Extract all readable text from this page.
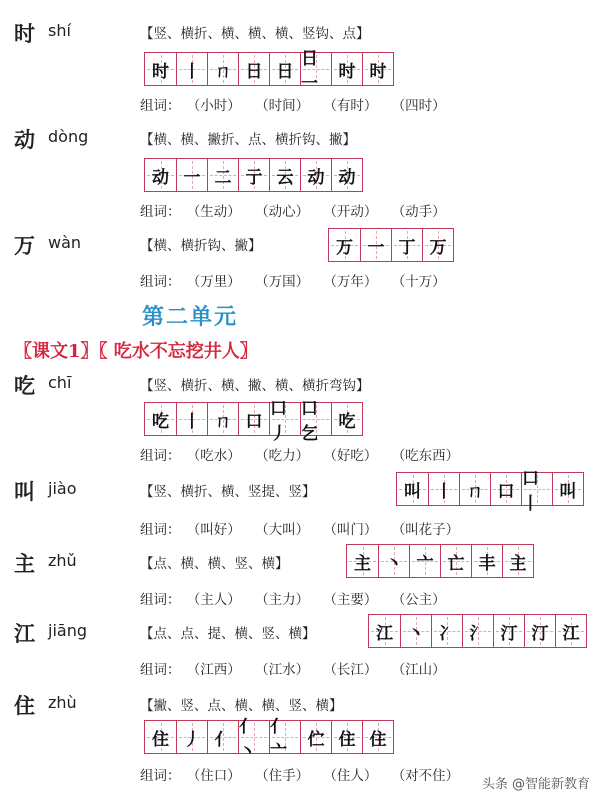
时 shí	【竖、横折、横、横、横、竖钩、点】
时 丨 ㄇ 日 日
日一
时 时
组词： （小时） （时间） （有时） （四时）
动 dòng	【横、横、撇折、点、横折钩、撇】
动 一 二 亍 云 动 动
组词： （生动） （动心） （开动） （动手）
万 wàn	【横、横折钩、撇】	万 一 丁 万
组词： （万里） （万国） （万年） （十万）
第二单元
〖课文1〗〖 吃水不忘挖井人〗
吃 chī	【竖、横折、横、撇、横、横折弯钩】
吃 丨 ㄇ 口
口丿
口乞
吃
组词： （吃水） （吃力） （好吃） （吃东西）
叫 jiào	【竖、横折、横、竖提、竖】	叫 丨 ㄇ 口
口丨
叫
组词： （叫好） （大叫） （叫门） （叫花子）
主 zhǔ	【点、横、横、竖、横】	主 丶 亠 亡 丰 主
组词： （主人） （主力） （主要） （公主）
江 jiāng	【点、点、提、横、竖、横】	江 丶 冫 氵 汀 汀 江
组词： （江西） （江水） （长江） （江山）
住 zhù	【撇、竖、点、横、横、竖、横】
住 丿 亻
亻丶
亻亠
伫 住 住
组词： （住口） （住手） （住人） （对不住）
头条 @智能新教育
